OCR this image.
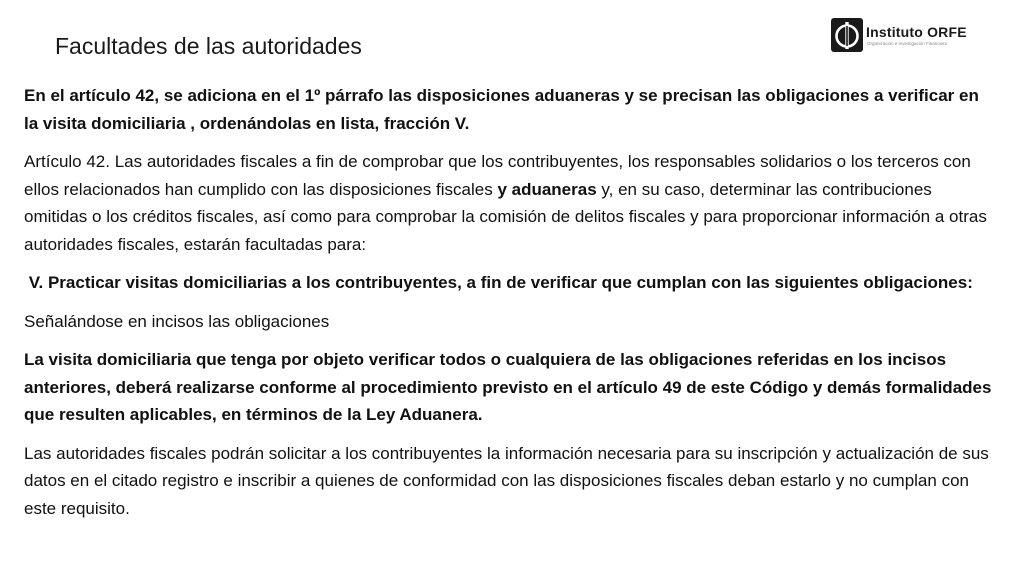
Facultades de las autoridades
Instituto ORFE
Organización e Investigación Financiera

En el artículo 42, se adiciona en el 1º párrafo las disposiciones aduaneras y se precisan las obligaciones a verificar en la visita domiciliaria , ordenándolas en lista, fracción V.

Artículo 42. Las autoridades fiscales a fin de comprobar que los contribuyentes, los responsables solidarios o los terceros con ellos relacionados han cumplido con las disposiciones fiscales y aduaneras y, en su caso, determinar las contribuciones omitidas o los créditos fiscales, así como para comprobar la comisión de delitos fiscales y para proporcionar información a otras autoridades fiscales, estarán facultadas para:

V. Practicar visitas domiciliarias a los contribuyentes, a fin de verificar que cumplan con las siguientes obligaciones:

Señalándose en incisos las obligaciones

La visita domiciliaria que tenga por objeto verificar todos o cualquiera de las obligaciones referidas en los incisos anteriores, deberá realizarse conforme al procedimiento previsto en el artículo 49 de este Código y demás formalidades que resulten aplicables, en términos de la Ley Aduanera.

Las autoridades fiscales podrán solicitar a los contribuyentes la información necesaria para su inscripción y actualización de sus datos en el citado registro e inscribir a quienes de conformidad con las disposiciones fiscales deban estarlo y no cumplan con este requisito.
